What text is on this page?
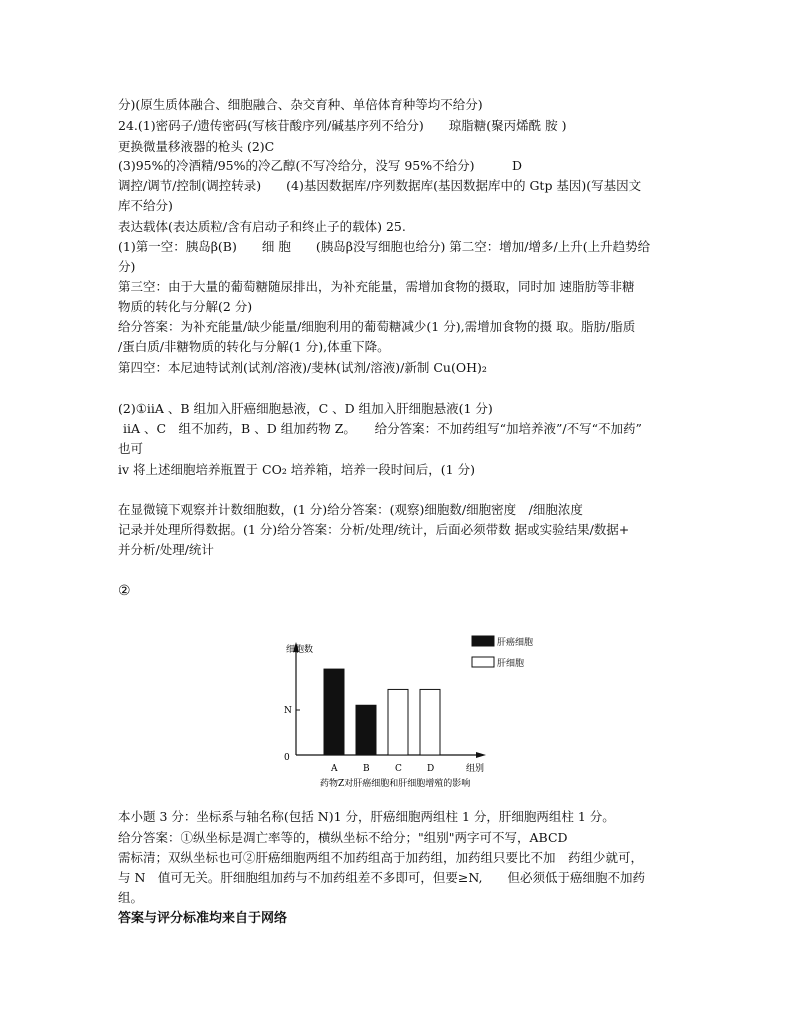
分)(原生质体融合、细胞融合、杂交育种、单倍体育种等均不给分)
24.(1)密码子/遗传密码(写核苷酸序列/碱基序列不给分)　　琼脂糖(聚丙烯酰 胺 )
更换微量移液器的枪头 (2)C
(3)95%的冷酒精/95%的冷乙醇(不写冷给分，没写 95%不给分)　　　D
调控/调节/控制(调控转录)　　(4)基因数据库/序列数据库(基因数据库中的 Gtp 基因)(写基因文
库不给分)
表达载体(表达质粒/含有启动子和终止子的载体) 25.
(1)第一空：胰岛β(B)　　细 胞　　(胰岛β没写细胞也给分) 第二空：增加/增多/上升(上升趋势给
分)
第三空：由于大量的葡萄糖随尿排出，为补充能量，需增加食物的摄取，同时加 速脂肪等非糖
物质的转化与分解(2 分)
给分答案：为补充能量/缺少能量/细胞利用的葡萄糖减少(1 分),需增加食物的摄 取。脂肪/脂质
/蛋白质/非糖物质的转化与分解(1 分),体重下降。
第四空：本尼迪特试剂(试剂/溶液)/斐林(试剂/溶液)/新制 Cu(OH)₂
(2)①iiA 、B 组加入肝癌细胞悬液，C 、D 组加入肝细胞悬液(1 分)
iiA 、C　组不加药，B 、D 组加药物 Z。　　给分答案：不加药组写“加培养液”/不写“不加药”
也可
iv 将上述细胞培养瓶置于 CO₂ 培养箱，培养一段时间后，(1 分)
在显微镜下观察并计数细胞数，(1 分)给分答案：(观察)细胞数/细胞密度　/细胞浓度
记录并处理所得数据。(1 分)给分答案：分析/处理/统计，后面必须带数 据或实验结果/数据+
并分析/处理/统计
②
细胞数
N
0
A	B	C	D	组别
药物Z对肝癌细胞和肝细胞增殖的影响
肝癌细胞
肝细胞
本小题 3 分：坐标系与轴名称(包括 N)1 分，肝癌细胞两组柱 1 分，肝细胞两组柱 1 分。
给分答案：①纵坐标是凋亡率等的，横纵坐标不给分；"组别"两字可不写，ABCD
需标清；双纵坐标也可②肝癌细胞两组不加药组高于加药组，加药组只要比不加　药组少就可，
与 N　值可无关。肝细胞组加药与不加药组差不多即可，但要≥N,　　但必须低于癌细胞不加药
组。
答案与评分标准均来自于网络
